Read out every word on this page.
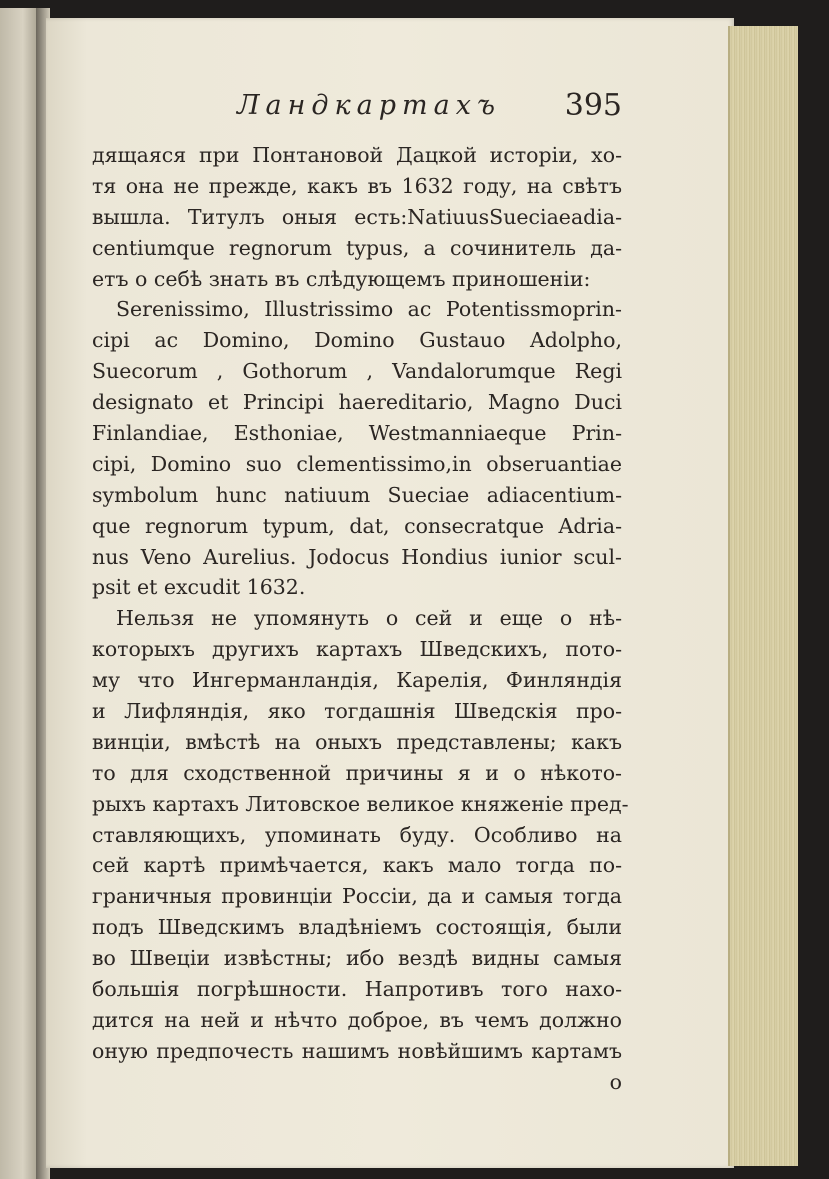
Ландкартахъ 395
дящаяся при Понтановой Дацкой исторіи, хо-
тя она не прежде, какъ въ 1632 году, на свѣтъ
вышла. Титулъ оныя есть:NatiuusSueciaeadia-
centiumque regnorum typus, а сочинитель да-
етъ о себѣ знать въ слѣдующемъ приношеніи:
Serenissimo, Illustrissimo ac Potentissmoprin-
cipi ac Domino, Domino Gustauo Adolpho,
Suecorum , Gothorum , Vandalorumque Regi
designato et Principi haereditario, Magno Duci
Finlandiae, Esthoniae, Westmanniaeque Prin-
cipi, Domino suo clementissimo,in obseruantiae
symbolum hunc natiuum Sueciae adiacentium-
que regnorum typum, dat, consecratque Adria-
nus Veno Aurelius. Jodocus Hondius iunior scul-
psit et excudit 1632.
Нельзя не упомянуть о сей и еще о нѣ-
которыхъ другихъ картахъ Шведскихъ, пото-
му что Ингерманландія, Карелія, Финляндія
и Лифляндія, яко тогдашнія Шведскія про-
винціи, вмѣстѣ на оныхъ представлены; какъ
то для сходственной причины я и о нѣкото-
рыхъ картахъ Литовское великое княженіе пред-
ставляющихъ, упоминать буду. Особливо на
сей картѣ примѣчается, какъ мало тогда по-
граничныя провинціи Россіи, да и самыя тогда
подъ Шведскимъ владѣніемъ состоящія, были
во Швеціи извѣстны; ибо вездѣ видны самыя
большія погрѣшности. Напротивъ того нахо-
дится на ней и нѣчто доброе, въ чемъ должно
оную предпочесть нашимъ новѣйшимъ картамъ
о
